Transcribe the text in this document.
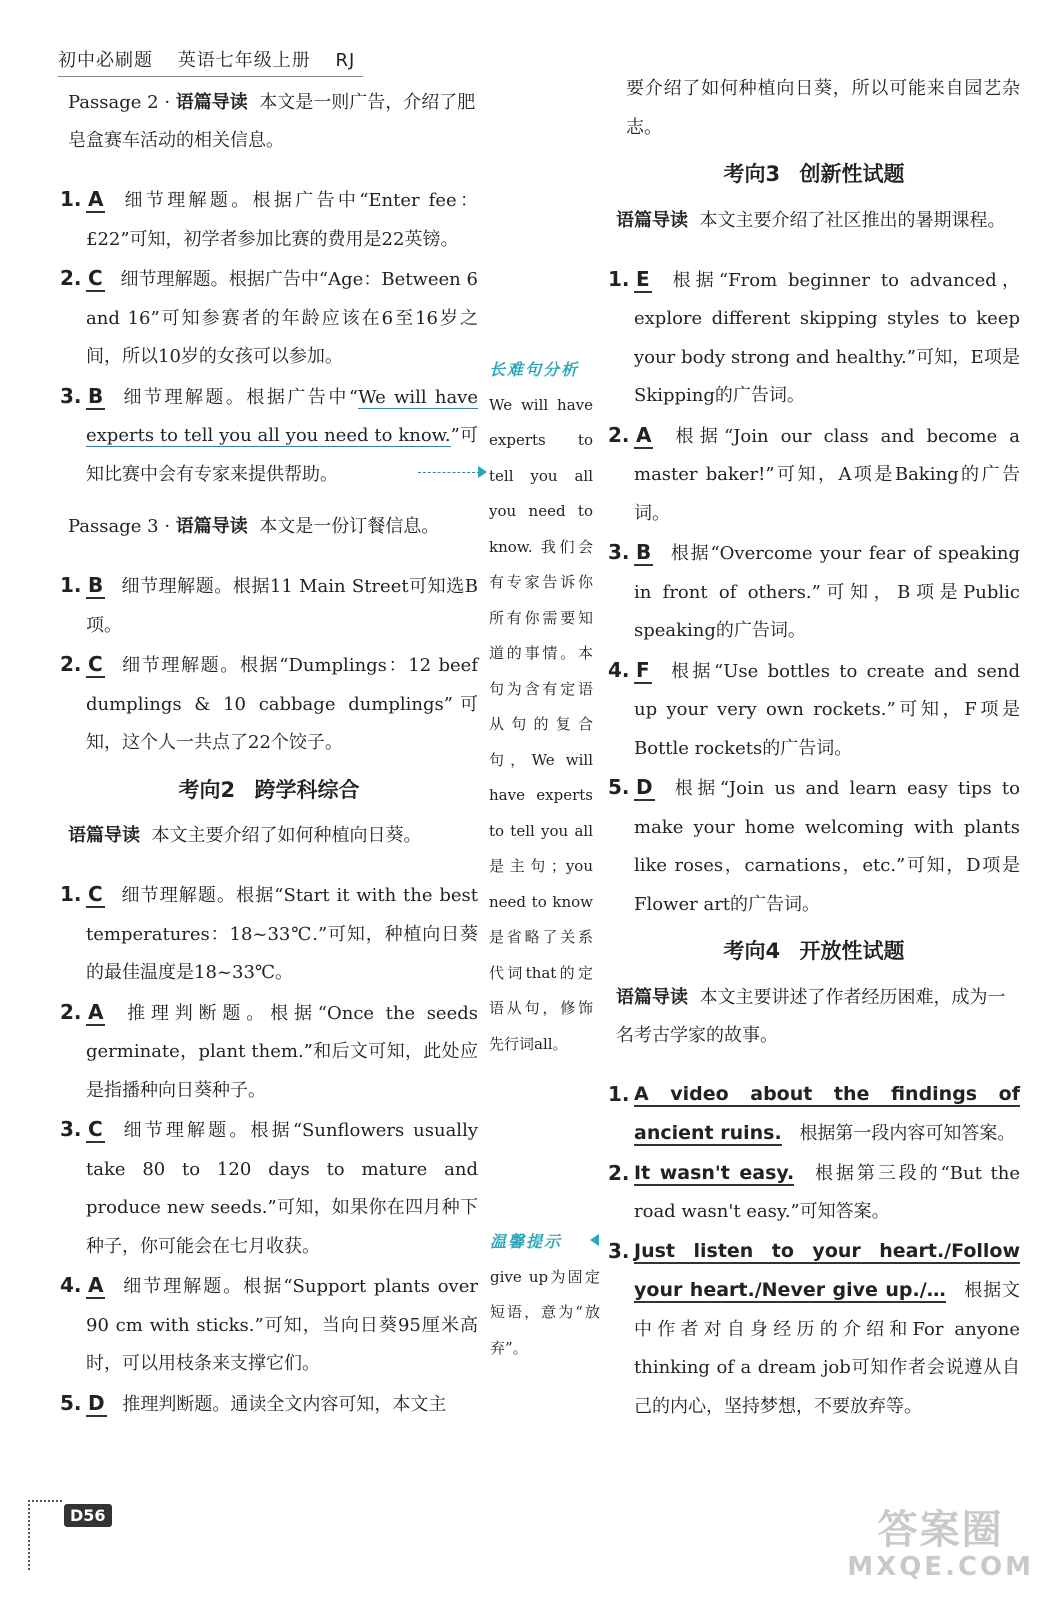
初中必刷题 英语七年级上册 RJ

Passage 2 · 语篇导读 本文是一则广告，介绍了肥皂盒赛车活动的相关信息。

1. A 细节理解题。根据广告中“Enter fee：£22”可知，初学者参加比赛的费用是22英镑。

2. C 细节理解题。根据广告中“Age：Between 6 and 16”可知参赛者的年龄应该在6至16岁之间，所以10岁的女孩可以参加。

3. B 细节理解题。根据广告中“We will have experts to tell you all you need to know.”可知比赛中会有专家来提供帮助。

Passage 3 · 语篇导读 本文是一份订餐信息。

1. B 细节理解题。根据11 Main Street可知选B项。

2. C 细节理解题。根据“Dumplings：12 beef dumplings & 10 cabbage dumplings”可知，这个人一共点了22个饺子。

考向2 跨学科综合

语篇导读 本文主要介绍了如何种植向日葵。

1. C 细节理解题。根据“Start it with the best temperatures：18~33℃.”可知，种植向日葵的最佳温度是18~33℃。

2. A 推理判断题。根据“Once the seeds germinate，plant them.”和后文可知，此处应是指播种向日葵种子。

3. C 细节理解题。根据“Sunflowers usually take 80 to 120 days to mature and produce new seeds.”可知，如果你在四月种下种子，你可能会在七月收获。

4. A 细节理解题。根据“Support plants over 90 cm with sticks.”可知，当向日葵95厘米高时，可以用枝条来支撑它们。

5. D 推理判断题。通读全文内容可知，本文主

长难句分析
We will have experts to tell you all you need to know. 我们会有专家告诉你所有你需要知道的事情。本句为含有定语从句的复合句，We will have experts to tell you all是主句；you need to know是省略了关系代词that的定语从句，修饰先行词all。
温馨提示
give up为固定短语，意为“放弃”。

要介绍了如何种植向日葵，所以可能来自园艺杂志。

考向3 创新性试题

语篇导读 本文主要介绍了社区推出的暑期课程。

1. E 根据“From beginner to advanced，explore different skipping styles to keep your body strong and healthy.”可知，E项是Skipping的广告词。

2. A 根据“Join our class and become a master baker!”可知，A项是Baking的广告词。

3. B 根据“Overcome your fear of speaking in front of others.”可知，B项是Public speaking的广告词。

4. F 根据“Use bottles to create and send up your very own rockets.”可知，F项是Bottle rockets的广告词。

5. D 根据“Join us and learn easy tips to make your home welcoming with plants like roses，carnations，etc.”可知，D项是Flower art的广告词。

考向4 开放性试题

语篇导读 本文主要讲述了作者经历困难，成为一名考古学家的故事。

1. A video about the findings of ancient ruins. 根据第一段内容可知答案。

2. It wasn't easy. 根据第三段的“But the road wasn't easy.”可知答案。

3. Just listen to your heart./Follow your heart./Never give up./… 根据文中作者对自身经历的介绍和For anyone thinking of a dream job可知作者会说遵从自己的内心，坚持梦想，不要放弃等。

D56	答案圈
MXQE.COM
